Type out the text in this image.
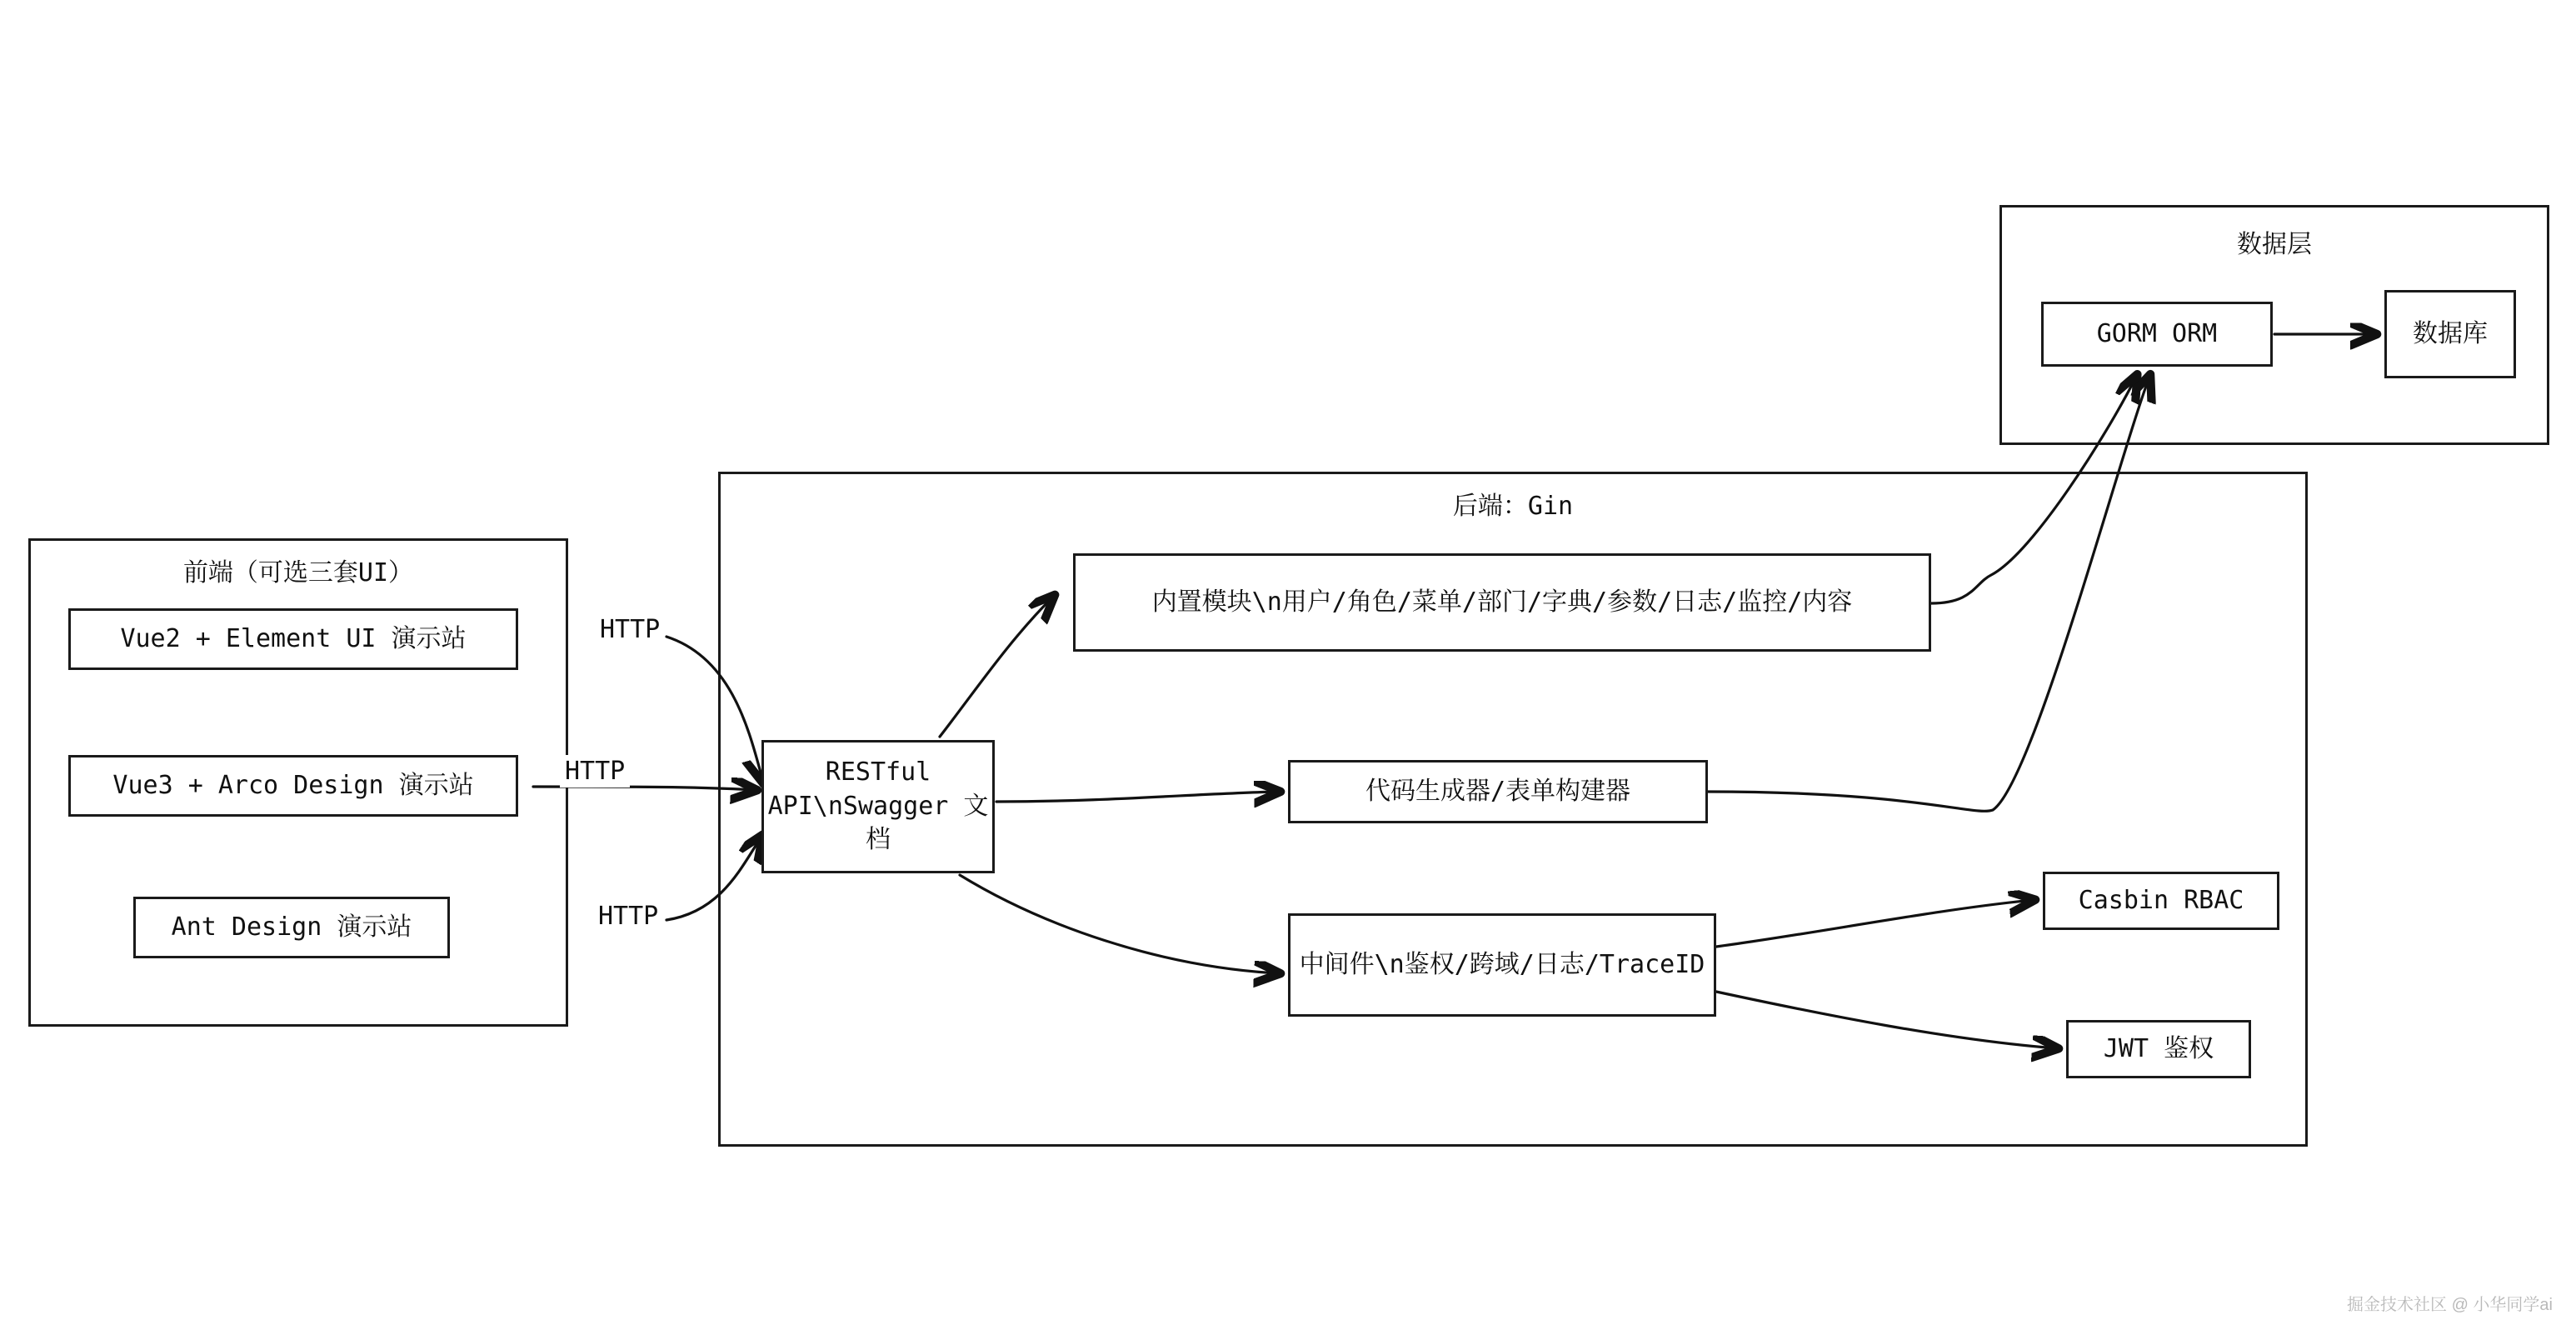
前端（可选三套UI）
后端：Gin
数据层
Vue2 + Element UI 演示站
Vue3 + Arco Design 演示站
Ant Design 演示站
RESTful API\nSwagger 文档
内置模块\n用户/角色/菜单/部门/字典/参数/日志/监控/内容
代码生成器/表单构建器
中间件\n鉴权/跨域/日志/TraceID
Casbin RBAC
JWT 鉴权
GORM ORM	数据库
HTTP
HTTP
HTTP
掘金技术社区 @ 小华同学ai
